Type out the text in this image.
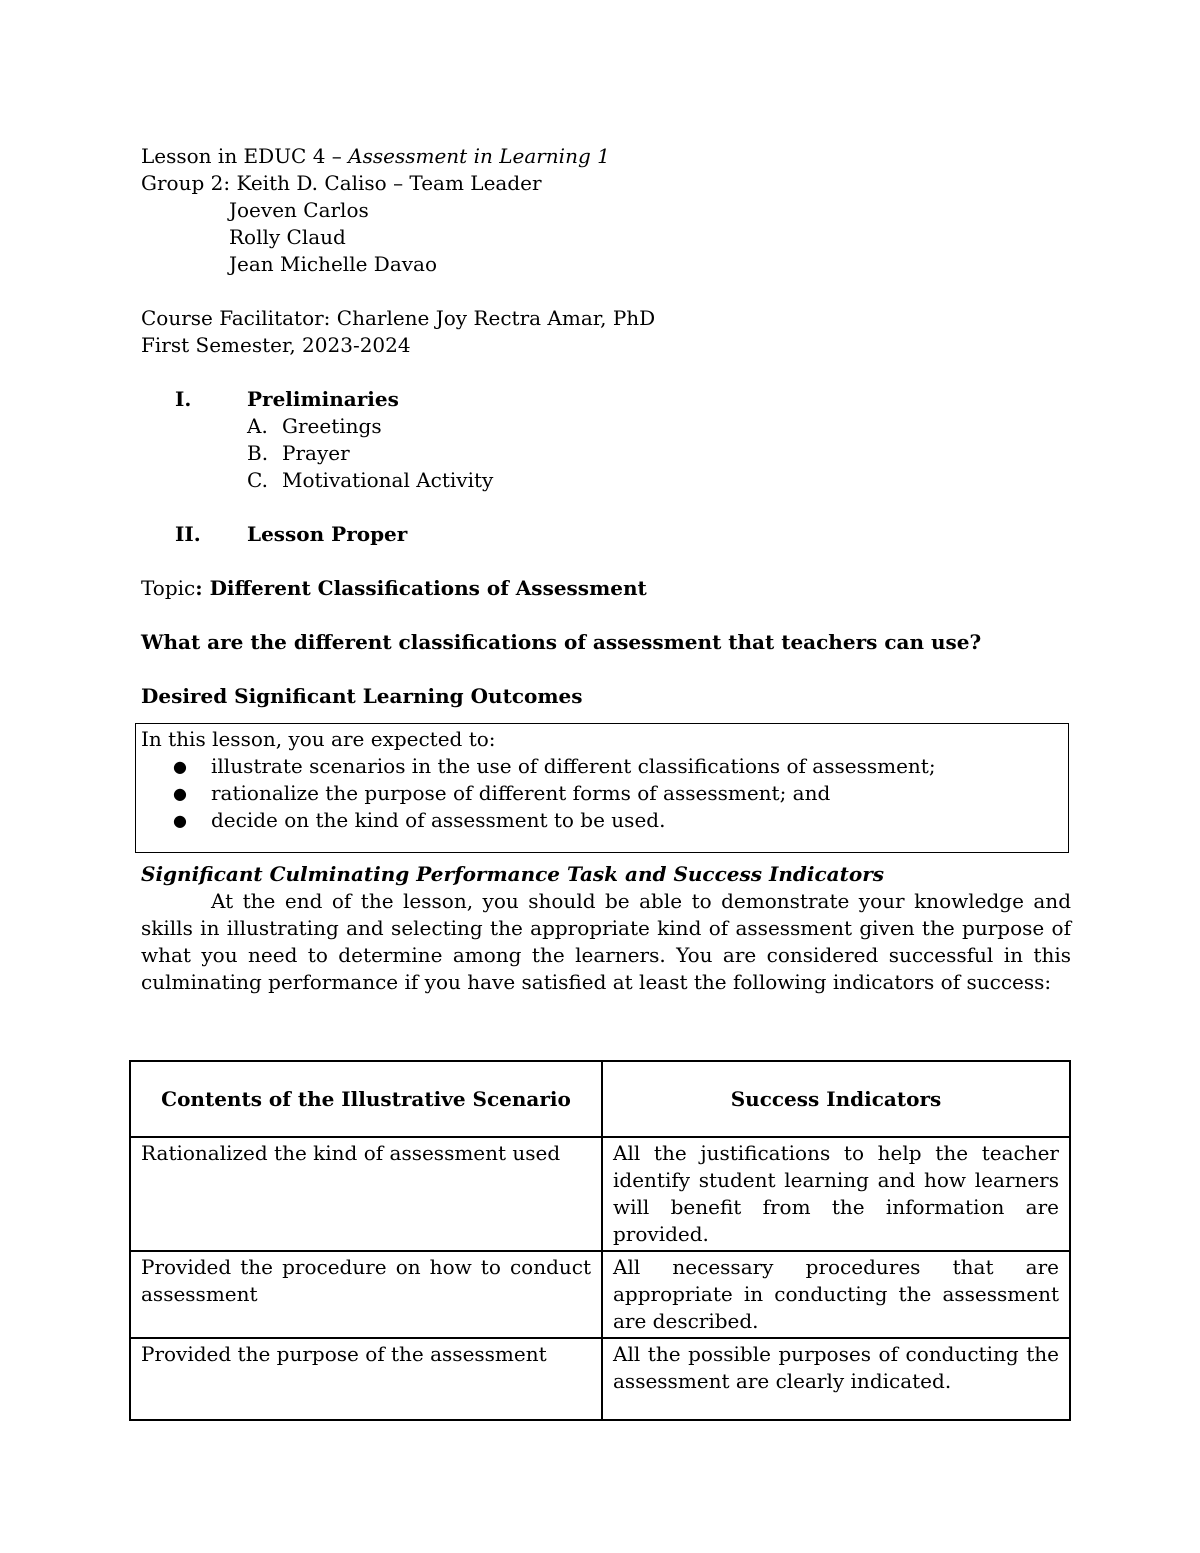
Lesson in EDUC 4 – Assessment in Learning 1
Group 2: Keith D. Caliso – Team Leader
Joeven Carlos
Rolly Claud
Jean Michelle Davao
Course Facilitator: Charlene Joy Rectra Amar, PhD
First Semester, 2023-2024
I.	Preliminaries
A. Greetings
B. Prayer
C. Motivational Activity
II.	Lesson Proper
Topic: Different Classifications of Assessment
What are the different classifications of assessment that teachers can use?
Desired Significant Learning Outcomes
In this lesson, you are expected to:
●	illustrate scenarios in the use of different classifications of assessment;
●	rationalize the purpose of different forms of assessment; and
●	decide on the kind of assessment to be used.
Significant Culminating Performance Task and Success Indicators
At the end of the lesson, you should be able to demonstrate your knowledge and skills in illustrating and selecting the appropriate kind of assessment given the purpose of what you need to determine among the learners. You are considered successful in this culminating performance if you have satisfied at least the following indicators of success:
Contents of the Illustrative Scenario	Success Indicators
Rationalized the kind of assessment used	All the justifications to help the teacher identify student learning and how learners will benefit from the information are provided.
Provided the procedure on how to conduct assessment	All necessary procedures that are appropriate in conducting the assessment are described.
Provided the purpose of the assessment	All the possible purposes of conducting the assessment are clearly indicated.
